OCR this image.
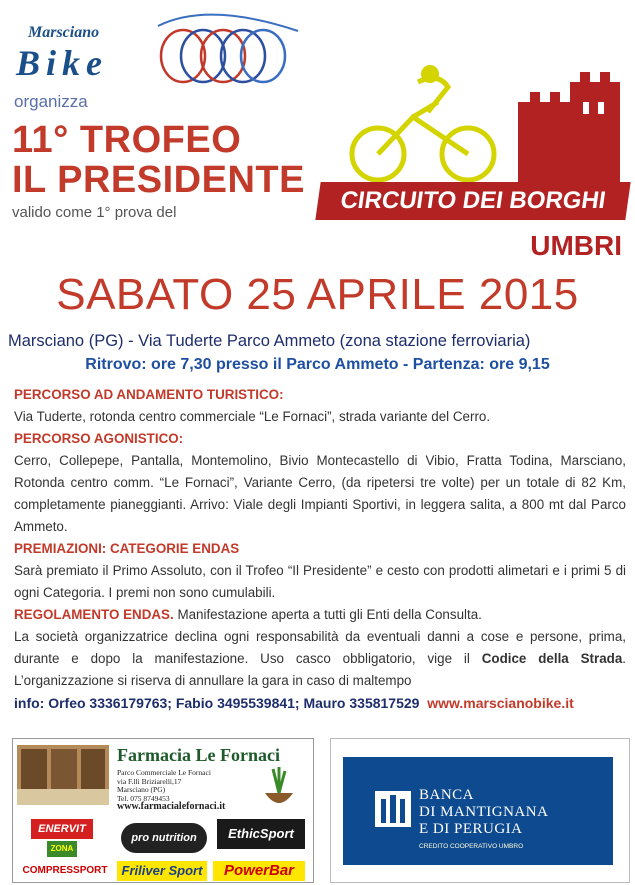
Marsciano
Bike
organizza
11° TROFEO
IL PRESIDENTE
valido come 1° prova del	CIRCUITO DEI BORGHI
UMBRI
SABATO 25 APRILE 2015
Marsciano (PG) - Via Tuderte Parco Ammeto (zona stazione ferroviaria)
Ritrovo: ore 7,30 presso il Parco Ammeto - Partenza: ore 9,15

PERCORSO AD ANDAMENTO TURISTICO:

Via Tuderte, rotonda centro commerciale “Le Fornaci”, strada variante del Cerro.

PERCORSO AGONISTICO:

Cerro, Collepepe, Pantalla, Montemolino, Bivio Montecastello di Vibio, Fratta Todina, Marsciano, Rotonda centro comm. “Le Fornaci”, Variante Cerro, (da ripetersi tre volte) per un totale di 82 Km, completamente pianeggianti. Arrivo: Viale degli Impianti Sportivi, in leggera salita, a 800 mt dal Parco Ammeto.

PREMIAZIONI: CATEGORIE ENDAS

Sarà premiato il Primo Assoluto, con il Trofeo “Il Presidente” e cesto con prodotti alimetari e i primi 5 di ogni Categoria. I premi non sono cumulabili.

REGOLAMENTO ENDAS. Manifestazione aperta a tutti gli Enti della Consulta.

La società organizzatrice declina ogni responsabilità da eventuali danni a cose e persone, prima, durante e dopo la manifestazione. Uso casco obbligatorio, vige il Codice della Strada. L’organizzazione si riserva di annullare la gara in caso di maltempo

info: Orfeo 3336179763; Fabio 3495539841; Mauro 335817529 www.marscianobike.it
Farmacia Le Fornaci
Parco Commerciale Le Fornaci
via F.lli Briziarelli,17
Marsciano (PG)
Tel. 075 8749453
www.farmacialefornaci.it
ENERVIT
ZONA
pro nutrition	EthicSport
COMPRESSPORT	Friliver Sport	PowerBar
BANCA
DI MANTIGNANA
E DI PERUGIA
CREDITO COOPERATIVO UMBRO
